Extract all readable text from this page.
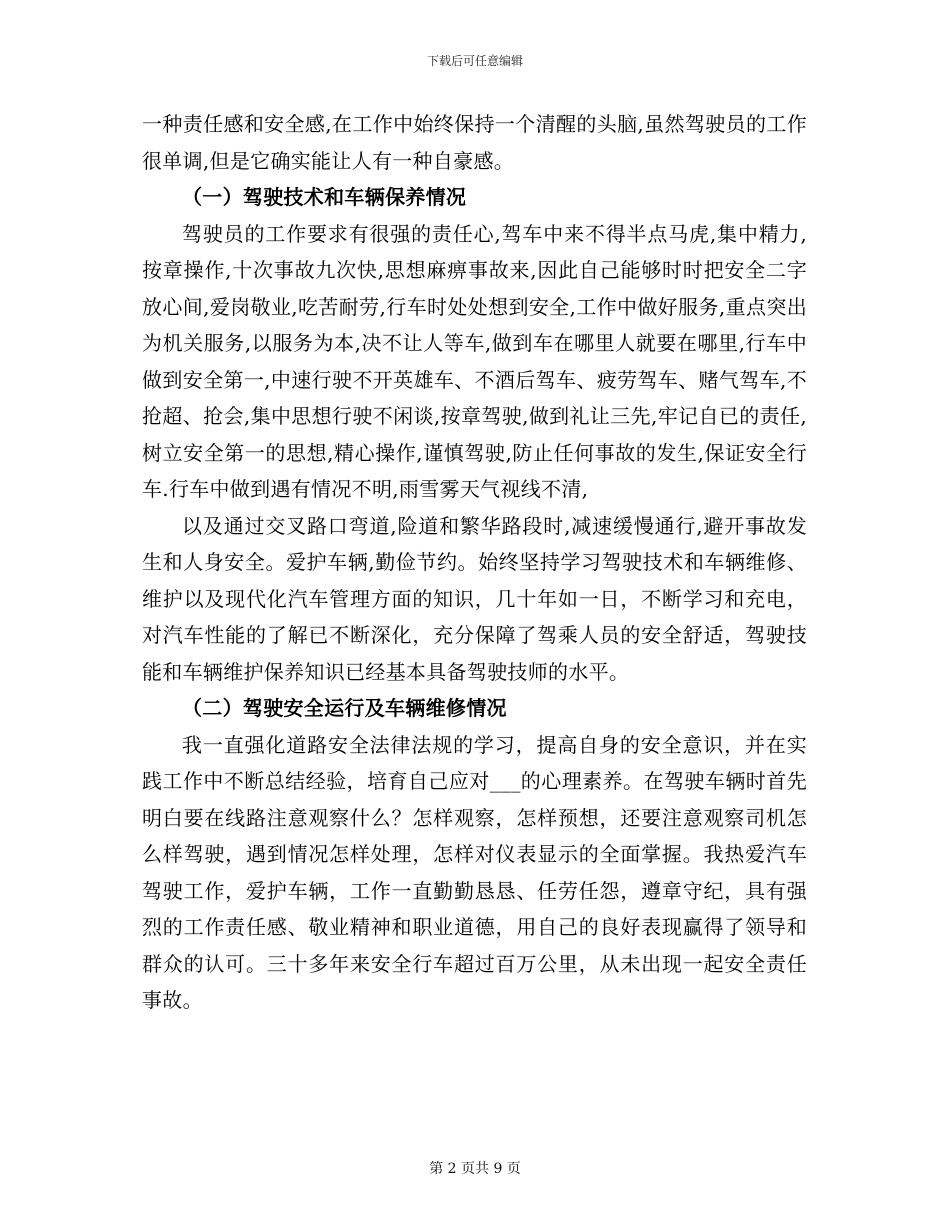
下载后可任意编辑

一种责任感和安全感,在工作中始终保持一个清醒的头脑,虽然驾驶员的工作很单调,但是它确实能让人有一种自豪感。

（一）驾驶技术和车辆保养情况

驾驶员的工作要求有很强的责任心,驾车中来不得半点马虎,集中精力,按章操作,十次事故九次快,思想麻痹事故来,因此自己能够时时把安全二字放心间,爱岗敬业,吃苦耐劳,行车时处处想到安全,工作中做好服务,重点突出为机关服务,以服务为本,决不让人等车,做到车在哪里人就要在哪里,行车中做到安全第一,中速行驶不开英雄车、不酒后驾车、疲劳驾车、赌气驾车,不抢超、抢会,集中思想行驶不闲谈,按章驾驶,做到礼让三先,牢记自已的责任,树立安全第一的思想,精心操作,谨慎驾驶,防止任何事故的发生,保证安全行车.行车中做到遇有情况不明,雨雪雾天气视线不清,

以及通过交叉路口弯道,险道和繁华路段时,减速缓慢通行,避开事故发生和人身安全。爱护车辆,勤俭节约。始终坚持学习驾驶技术和车辆维修、维护以及现代化汽车管理方面的知识，几十年如一日，不断学习和充电，对汽车性能的了解已不断深化，充分保障了驾乘人员的安全舒适，驾驶技能和车辆维护保养知识已经基本具备驾驶技师的水平。

（二）驾驶安全运行及车辆维修情况

我一直强化道路安全法律法规的学习，提高自身的安全意识，并在实践工作中不断总结经验，培育自己应对___的心理素养。在驾驶车辆时首先明白要在线路注意观察什么？怎样观察，怎样预想，还要注意观察司机怎么样驾驶，遇到情况怎样处理，怎样对仪表显示的全面掌握。我热爱汽车驾驶工作，爱护车辆，工作一直勤勤恳恳、任劳任怨，遵章守纪，具有强烈的工作责任感、敬业精神和职业道德，用自己的良好表现赢得了领导和群众的认可。三十多年来安全行车超过百万公里，从未出现一起安全责任事故。

第 2 页共 9 页
